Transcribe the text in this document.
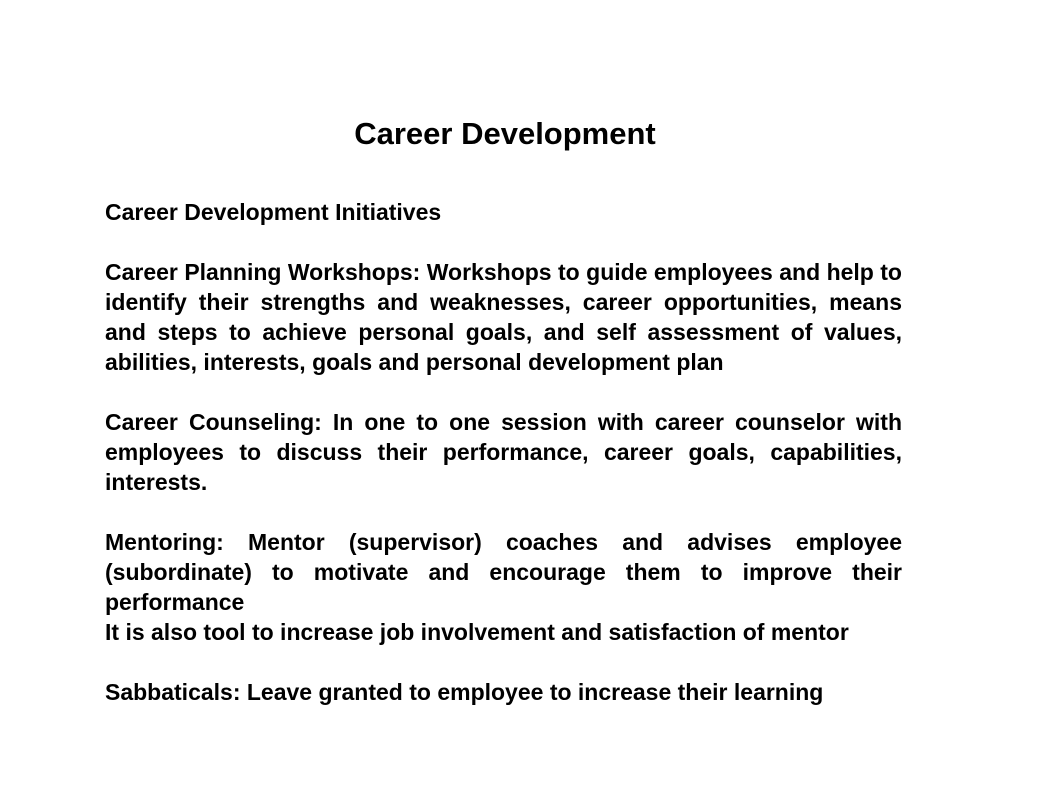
Career Development

Career Development Initiatives

Career Planning Workshops: Workshops to guide employees and help to identify their strengths and weaknesses, career opportunities, means and steps to achieve personal goals, and self assessment of values, abilities, interests, goals and personal development plan

Career Counseling: In one to one session with career counselor with employees to discuss their performance, career goals, capabilities, interests.

Mentoring: Mentor (supervisor) coaches and advises employee (subordinate) to motivate and encourage them to improve their performance

It is also tool to increase job involvement and satisfaction of mentor

Sabbaticals: Leave granted to employee to increase their learning
